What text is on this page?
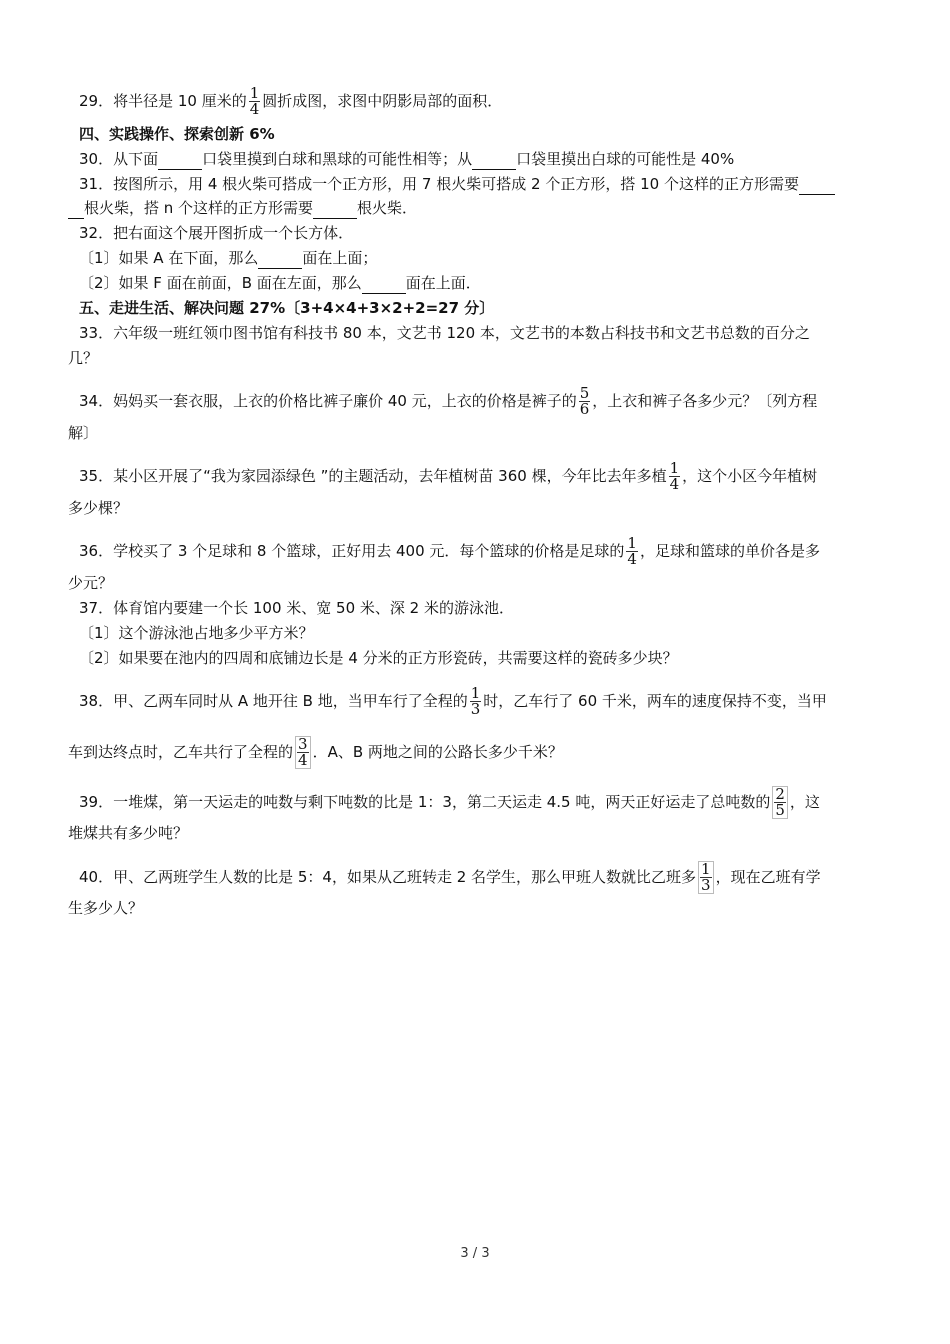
29．将半径是 10 厘米的 $\frac{1}{4}$ 圆折成图，求图中阴影局部的面积．
四、实践操作、探索创新 6%
30．从下面	口袋里摸到白球和黑球的可能性相等；从	口袋里摸出白球的可能性是 40%
31．按图所示，用 4 根火柴可搭成一个正方形，用 7 根火柴可搭成 2 个正方形，搭 10 个这样的正方形需要
根火柴，搭 n 个这样的正方形需要	根火柴．
32．把右面这个展开图折成一个长方体．
〔1〕如果 A 在下面，那么	面在上面；
〔2〕如果 F 面在前面，B 面在左面，那么	面在上面．
五、走进生活、解决问题 27%〔3+4×4+3×2+2=27 分〕
33．六年级一班红领巾图书馆有科技书 80 本，文艺书 120 本，文艺书的本数占科技书和文艺书总数的百分之
几？
34．妈妈买一套衣服，上衣的价格比裤子廉价 40 元，上衣的价格是裤子的 $\frac{5}{6}$ ，上衣和裤子各多少元？〔列方程
解〕
35．某小区开展了“我为家园添绿色 ”的主题活动，去年植树苗 360 棵，今年比去年多植 $\frac{1}{4}$ ，这个小区今年植树
多少棵？
36．学校买了 3 个足球和 8 个篮球，正好用去 400 元．每个篮球的价格是足球的 $\frac{1}{4}$ ，足球和篮球的单价各是多
少元？
37．体育馆内要建一个长 100 米、宽 50 米、深 2 米的游泳池．
〔1〕这个游泳池占地多少平方米？
〔2〕如果要在池内的四周和底铺边长是 4 分米的正方形瓷砖，共需要这样的瓷砖多少块？
38．甲、乙两车同时从 A 地开往 B 地，当甲车行了全程的 $\frac{1}{3}$ 时，乙车行了 60 千米，两车的速度保持不变，当甲
车到达终点时，乙车共行了全程的 $\frac{3}{4}$ ．A、B 两地之间的公路长多少千米？
39．一堆煤，第一天运走的吨数与剩下吨数的比是 1：3，第二天运走 4.5 吨，两天正好运走了总吨数的 $\frac{2}{5}$ ，这
堆煤共有多少吨？
40．甲、乙两班学生人数的比是 5：4，如果从乙班转走 2 名学生，那么甲班人数就比乙班多 $\frac{1}{3}$ ，现在乙班有学
生多少人？
3 / 3
